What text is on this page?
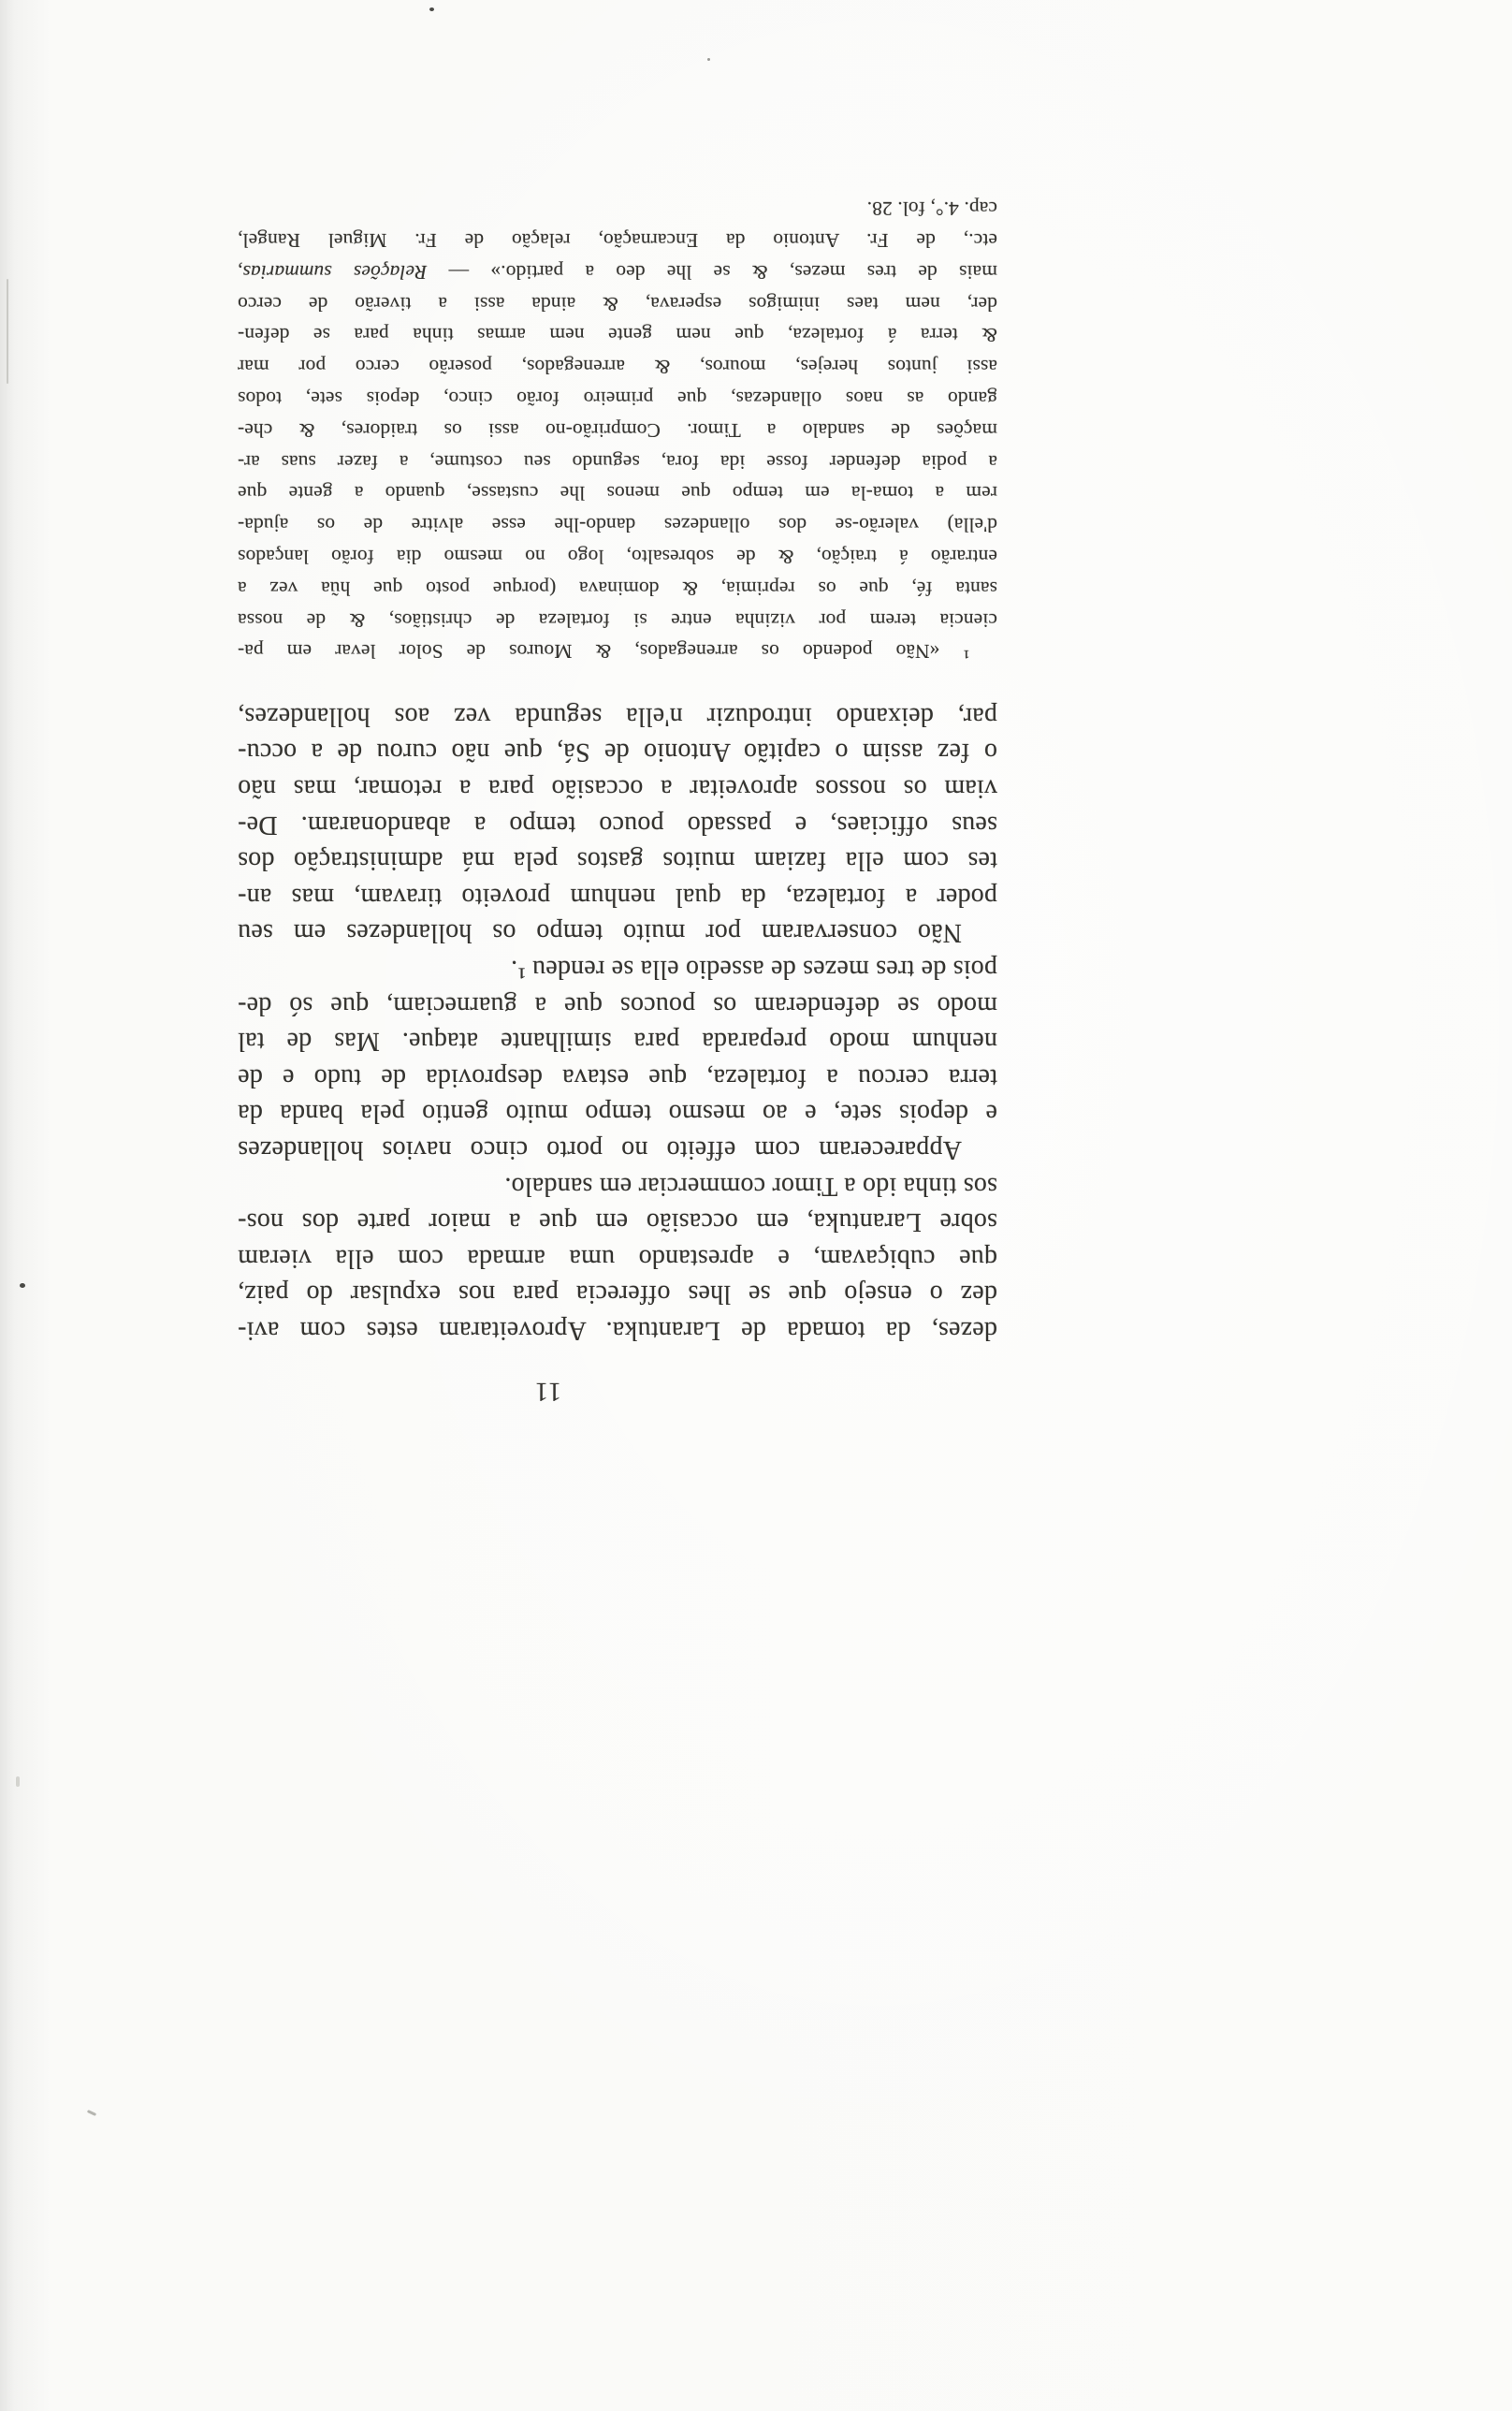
11
dezes, da tomada de Larantuka. Aproveitaram estes com avi-
dez o ensejo que se lhes offerecia para nos expulsar do paiz,
que cubiçavam, e aprestando uma armada com ella vieram
sobre Larantuka, em occasião em que a maior parte dos nos-
sos tinha ido a Timor commerciar em sandalo.
Appareceram com effeito no porto cinco navios hollandezes
e depois sete, e ao mesmo tempo muito gentio pela banda da
terra cercou a fortaleza, que estava desprovida de tudo e de
nenhum modo preparada para similhante ataque. Mas de tal
modo se defenderam os poucos que a guarneciam, que só de-
pois de tres mezes de assedio ella se rendeu ¹.
Não conservaram por muito tempo os hollandezes em seu
poder a fortaleza, da qual nenhum proveito tiravam, mas an-
tes com ella faziam muitos gastos pela má administração dos
seus officiaes, e passado pouco tempo a abandonaram. De-
viam os nossos aproveitar a occasião para a retomar, mas não
o fez assim o capitão Antonio de Sá, que não curou de a occu-
par, deixando introduzir n'ella segunda vez aos hollandezes,
¹ «Não podendo os arrenegados, & Mouros de Solor levar em pa-
ciencia terem por vizinha entre si fortaleza de christiãos, & de nossa
santa fé, que os reprimia, & dominava (porque posto que hũa vez a
entrarão á traição, & de sobresalto, logo no mesmo dia forão lançados
d'ella) valerão-se dos ollandezes dando-lhe esse alvitre de os ajuda-
rem a toma-la em tempo que menos lhe custasse, quando a gente que
a podia defender fosse ida fora, segundo seu costume, a fazer suas ar-
mações de sandalo a Timor. Comprirão-no assi os traidores, & che-
gando as naos ollandezas, que primeiro forão cinco, depois sete, todos
assi juntos herejes, mouros, & arrenegados, poserão cerco por mar
& terra á fortaleza, que nem gente nem armas tinha para se defen-
der, nem taes inimigos esperava, & ainda assi a tiverão de cerco
mais de tres mezes, & se lhe deo a partido.» — Relações summarias,
etc., de Fr. Antonio da Encarnação, relação de Fr. Miguel Rangel,
cap. 4.°, fol. 28.
